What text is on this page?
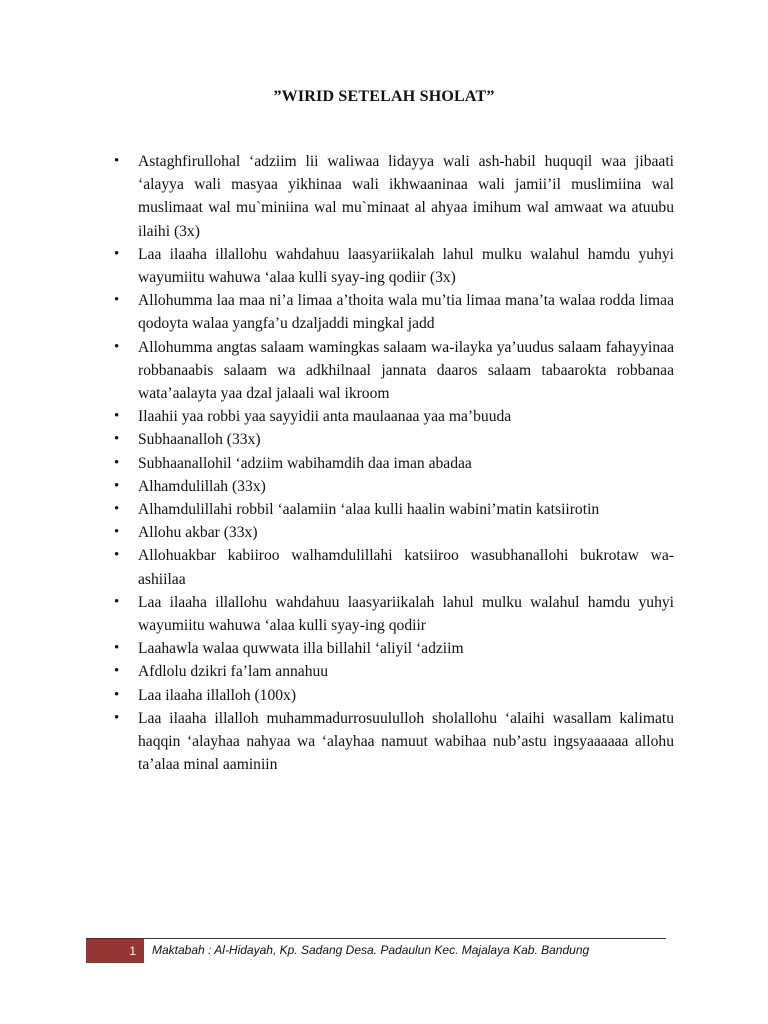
”WIRID SETELAH SHOLAT”
• Astaghfirullohal ‘adziim lii waliwaa lidayya wali ash-habil huquqil waa jibaati ‘alayya wali masyaa yikhinaa wali ikhwaaninaa wali jamii’il muslimiina wal muslimaat wal mu`miniina wal mu`minaat al ahyaa imihum wal amwaat wa atuubu ilaihi (3x)
• Laa ilaaha illallohu wahdahuu laasyariikalah lahul mulku walahul hamdu yuhyi wayumiitu wahuwa ‘alaa kulli syay-ing qodiir (3x)
• Allohumma laa maa ni’a limaa a’thoita wala mu’tia limaa mana’ta walaa rodda limaa qodoyta walaa yangfa’u dzaljaddi mingkal jadd
• Allohumma angtas salaam wamingkas salaam wa-ilayka ya’uudus salaam fahayyinaa robbanaabis salaam wa adkhilnaal jannata daaros salaam tabaarokta robbanaa wata’aalayta yaa dzal jalaali wal ikroom
• Ilaahii yaa robbi yaa sayyidii anta maulaanaa yaa ma’buuda
• Subhaanalloh (33x)
• Subhaanallohil ‘adziim wabihamdih daa iman abadaa
• Alhamdulillah (33x)
• Alhamdulillahi robbil ‘aalamiin ‘alaa kulli haalin wabini’matin katsiirotin
• Allohu akbar (33x)
• Allohuakbar kabiiroo walhamdulillahi katsiiroo wasubhanallohi bukrotaw wa-ashiilaa
• Laa ilaaha illallohu wahdahuu laasyariikalah lahul mulku walahul hamdu yuhyi wayumiitu wahuwa ‘alaa kulli syay-ing qodiir
• Laahawla walaa quwwata illa billahil ‘aliyil ‘adziim
• Afdlolu dzikri fa’lam annahuu
• Laa ilaaha illalloh (100x)
• Laa ilaaha illalloh muhammadurrosuululloh sholallohu ‘alaihi wasallam kalimatu haqqin ‘alayhaa nahyaa wa ‘alayhaa namuut wabihaa nub’astu ingsyaaaaaa allohu ta’alaa minal aaminiin
1 Maktabah : Al-Hidayah, Kp. Sadang Desa. Padaulun Kec. Majalaya Kab. Bandung
